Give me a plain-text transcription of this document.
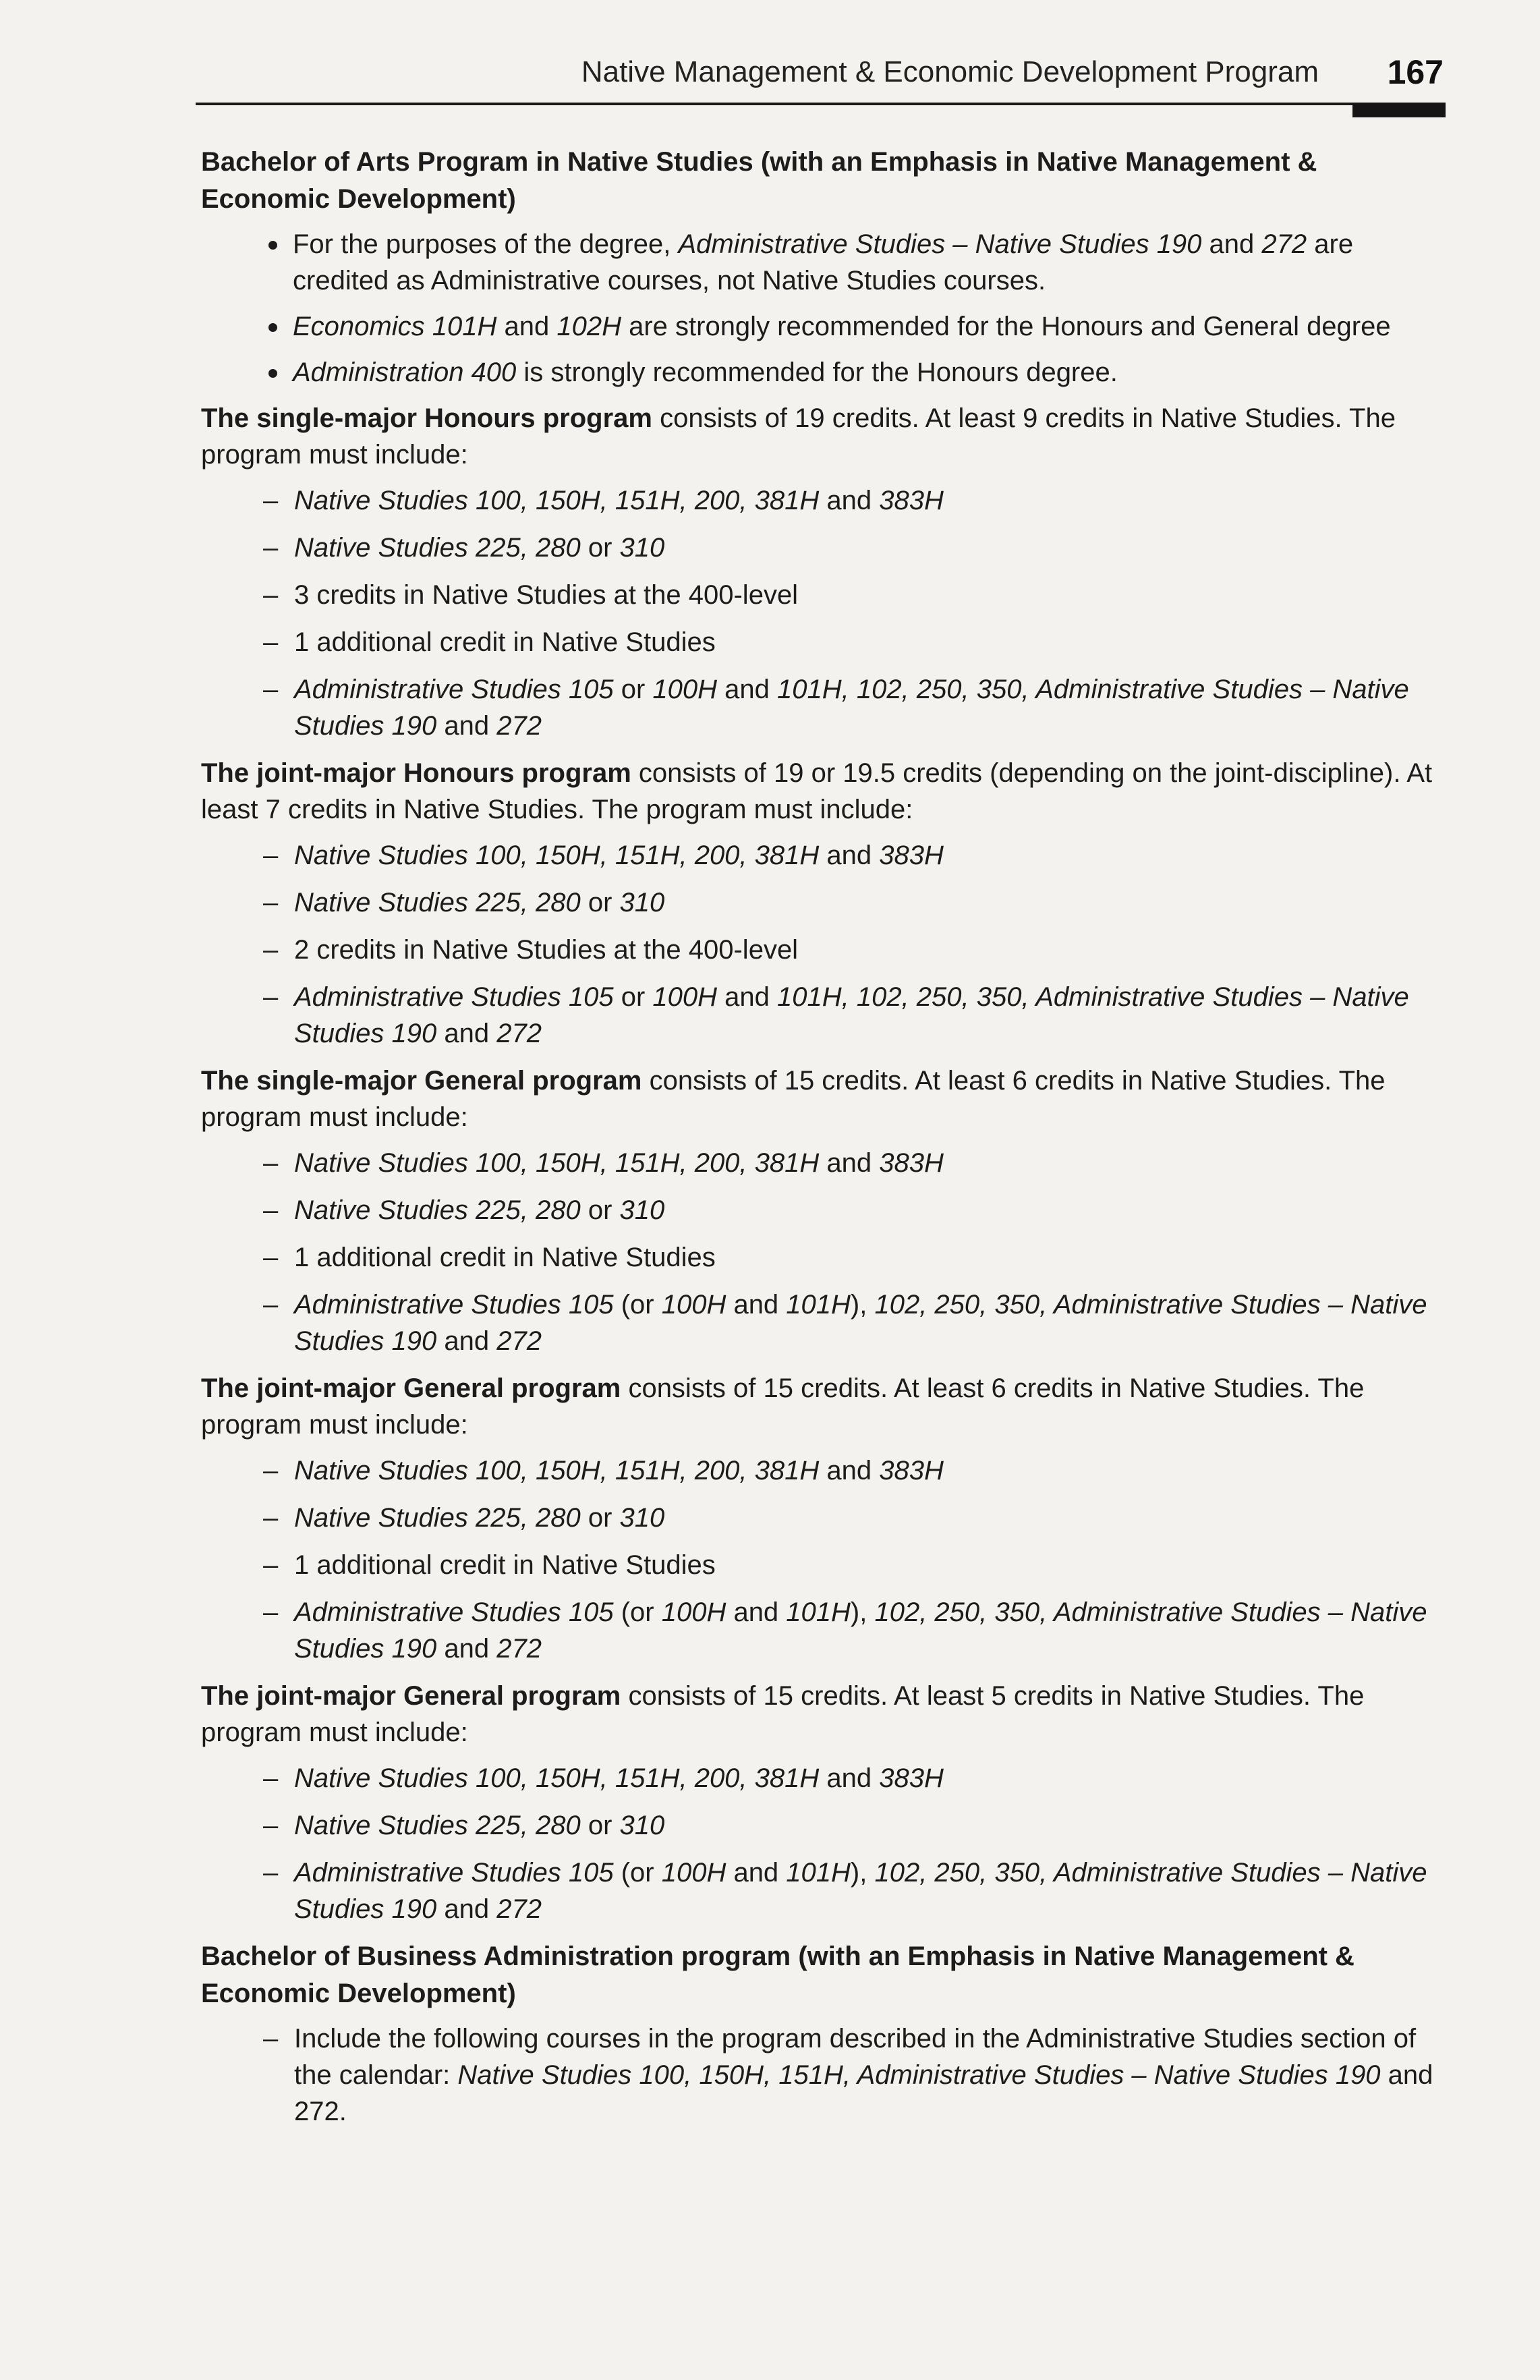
Native Management & Economic Development Program 167
Bachelor of Arts Program in Native Studies (with an Emphasis in Native Management & Economic Development)
For the purposes of the degree, Administrative Studies – Native Studies 190 and 272 are credited as Administrative courses, not Native Studies courses.
Economics 101H and 102H are strongly recommended for the Honours and General degree
Administration 400 is strongly recommended for the Honours degree.

The single-major Honours program consists of 19 credits. At least 9 credits in Native Studies. The program must include:

– Native Studies 100, 150H, 151H, 200, 381H and 383H
– Native Studies 225, 280 or 310
– 3 credits in Native Studies at the 400-level
– 1 additional credit in Native Studies
– Administrative Studies 105 or 100H and 101H, 102, 250, 350, Administrative Studies – Native Studies 190 and 272

The joint-major Honours program consists of 19 or 19.5 credits (depending on the joint-discipline). At least 7 credits in Native Studies. The program must include:

– Native Studies 100, 150H, 151H, 200, 381H and 383H
– Native Studies 225, 280 or 310
– 2 credits in Native Studies at the 400-level
– Administrative Studies 105 or 100H and 101H, 102, 250, 350, Administrative Studies – Native Studies 190 and 272

The single-major General program consists of 15 credits. At least 6 credits in Native Studies. The program must include:

– Native Studies 100, 150H, 151H, 200, 381H and 383H
– Native Studies 225, 280 or 310
– 1 additional credit in Native Studies
– Administrative Studies 105 (or 100H and 101H), 102, 250, 350, Administrative Studies – Native Studies 190 and 272

The joint-major General program consists of 15 credits. At least 6 credits in Native Studies. The program must include:

– Native Studies 100, 150H, 151H, 200, 381H and 383H
– Native Studies 225, 280 or 310
– 1 additional credit in Native Studies
– Administrative Studies 105 (or 100H and 101H), 102, 250, 350, Administrative Studies – Native Studies 190 and 272

The joint-major General program consists of 15 credits. At least 5 credits in Native Studies. The program must include:

– Native Studies 100, 150H, 151H, 200, 381H and 383H
– Native Studies 225, 280 or 310
– Administrative Studies 105 (or 100H and 101H), 102, 250, 350, Administrative Studies – Native Studies 190 and 272
Bachelor of Business Administration program (with an Emphasis in Native Management & Economic Development)
– Include the following courses in the program described in the Administrative Studies section of the calendar: Native Studies 100, 150H, 151H, Administrative Studies – Native Studies 190 and 272.
